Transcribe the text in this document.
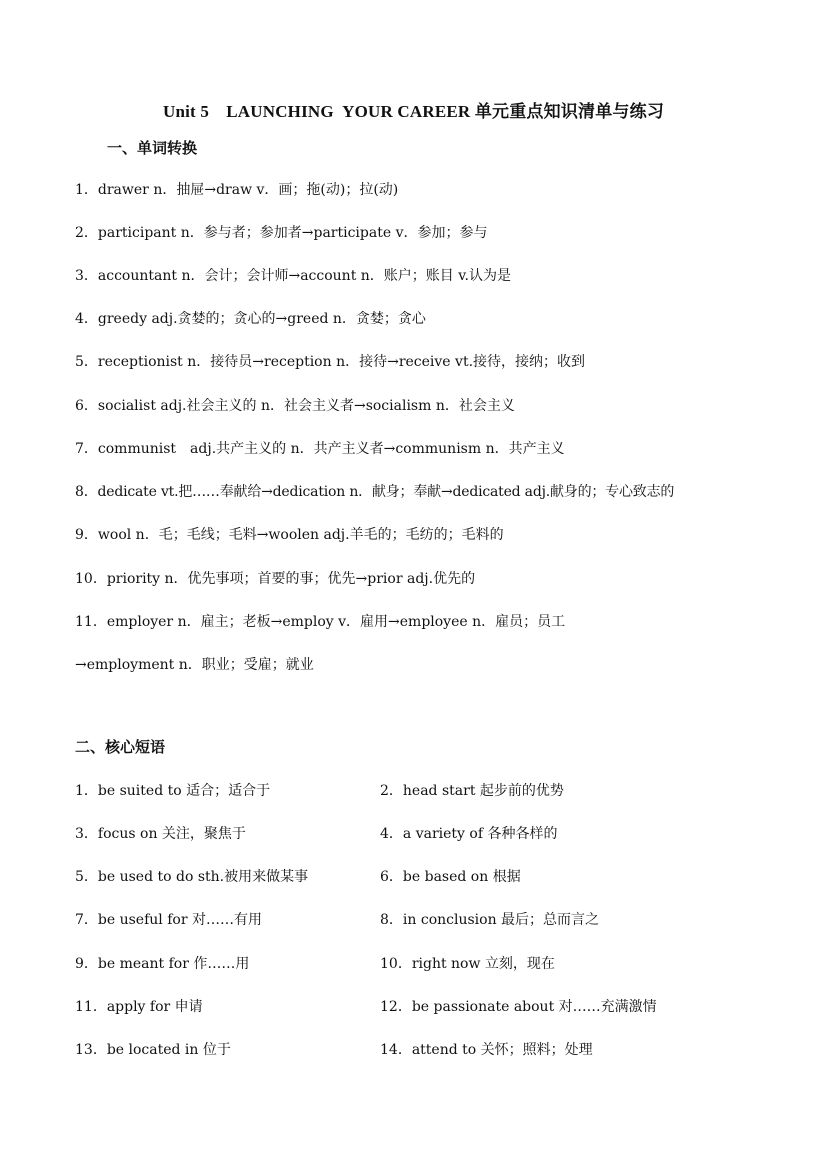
Unit 5　LAUNCHING  YOUR CAREER 单元重点知识清单与练习
一、单词转换
1．drawer n．抽屉→draw v．画；拖(动)；拉(动)
2．participant n．参与者；参加者→participate v．参加；参与
3．accountant n．会计；会计师→account n．账户；账目 v.认为是
4．greedy adj.贪婪的；贪心的→greed n．贪婪；贪心
5．receptionist n．接待员→reception n．接待→receive vt.接待，接纳；收到
6．socialist adj.社会主义的 n．社会主义者→socialism n．社会主义
7．communist　adj.共产主义的 n．共产主义者→communism n．共产主义
8．dedicate vt.把……奉献给→dedication n．献身；奉献→dedicated adj.献身的；专心致志的
9．wool n．毛；毛线；毛料→woolen adj.羊毛的；毛纺的；毛料的
10．priority n．优先事项；首要的事；优先→prior adj.优先的
11．employer n．雇主；老板→employ v．雇用→employee n．雇员；员工
→employment n．职业；受雇；就业
二、核心短语
1．be suited to 适合；适合于	2．head start 起步前的优势
3．focus on 关注，聚焦于	4．a variety of 各种各样的
5．be used to do sth.被用来做某事	6．be based on 根据
7．be useful for 对……有用	8．in conclusion 最后；总而言之
9．be meant for 作……用	10．right now 立刻，现在
11．apply for 申请	12．be passionate about 对……充满激情
13．be located in 位于	14．attend to 关怀；照料；处理
